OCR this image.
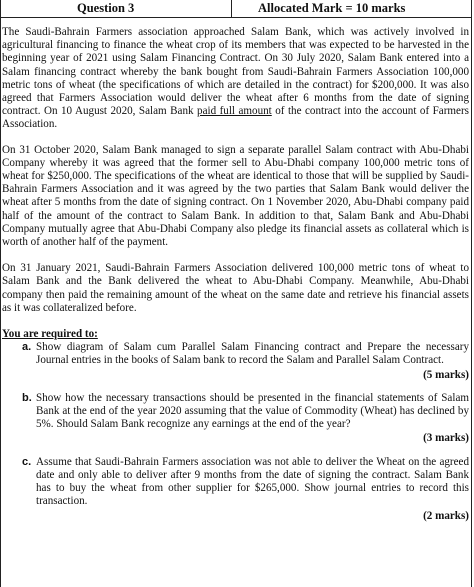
Question 3	Allocated Mark = 10 marks

The Saudi-Bahrain Farmers association approached Salam Bank, which was actively involved in agricultural financing to finance the wheat crop of its members that was expected to be harvested in the beginning year of 2021 using Salam Financing Contract. On 30 July 2020, Salam Bank entered into a Salam financing contract whereby the bank bought from Saudi-Bahrain Farmers Association 100,000 metric tons of wheat (the specifications of which are detailed in the contract) for $200,000. It was also agreed that Farmers Association would deliver the wheat after 6 months from the date of signing contract. On 10 August 2020, Salam Bank paid full amount of the contract into the account of Farmers Association.

On 31 October 2020, Salam Bank managed to sign a separate parallel Salam contract with Abu-Dhabi Company whereby it was agreed that the former sell to Abu-Dhabi company 100,000 metric tons of wheat for $250,000. The specifications of the wheat are identical to those that will be supplied by Saudi-Bahrain Farmers Association and it was agreed by the two parties that Salam Bank would deliver the wheat after 5 months from the date of signing contract. On 1 November 2020, Abu-Dhabi company paid half of the amount of the contract to Salam Bank. In addition to that, Salam Bank and Abu-Dhabi Company mutually agree that Abu-Dhabi Company also pledge its financial assets as collateral which is worth of another half of the payment.

On 31 January 2021, Saudi-Bahrain Farmers Association delivered 100,000 metric tons of wheat to Salam Bank and the Bank delivered the wheat to Abu-Dhabi Company. Meanwhile, Abu-Dhabi company then paid the remaining amount of the wheat on the same date and retrieve his financial assets as it was collateralized before.

You are required to:
a. Show diagram of Salam cum Parallel Salam Financing contract and Prepare the necessary Journal entries in the books of Salam bank to record the Salam and Parallel Salam Contract.
(5 marks)
b. Show how the necessary transactions should be presented in the financial statements of Salam Bank at the end of the year 2020 assuming that the value of Commodity (Wheat) has declined by 5%. Should Salam Bank recognize any earnings at the end of the year?
(3 marks)
c. Assume that Saudi-Bahrain Farmers association was not able to deliver the Wheat on the agreed date and only able to deliver after 9 months from the date of signing the contract. Salam Bank has to buy the wheat from other supplier for $265,000. Show journal entries to record this transaction.
(2 marks)
